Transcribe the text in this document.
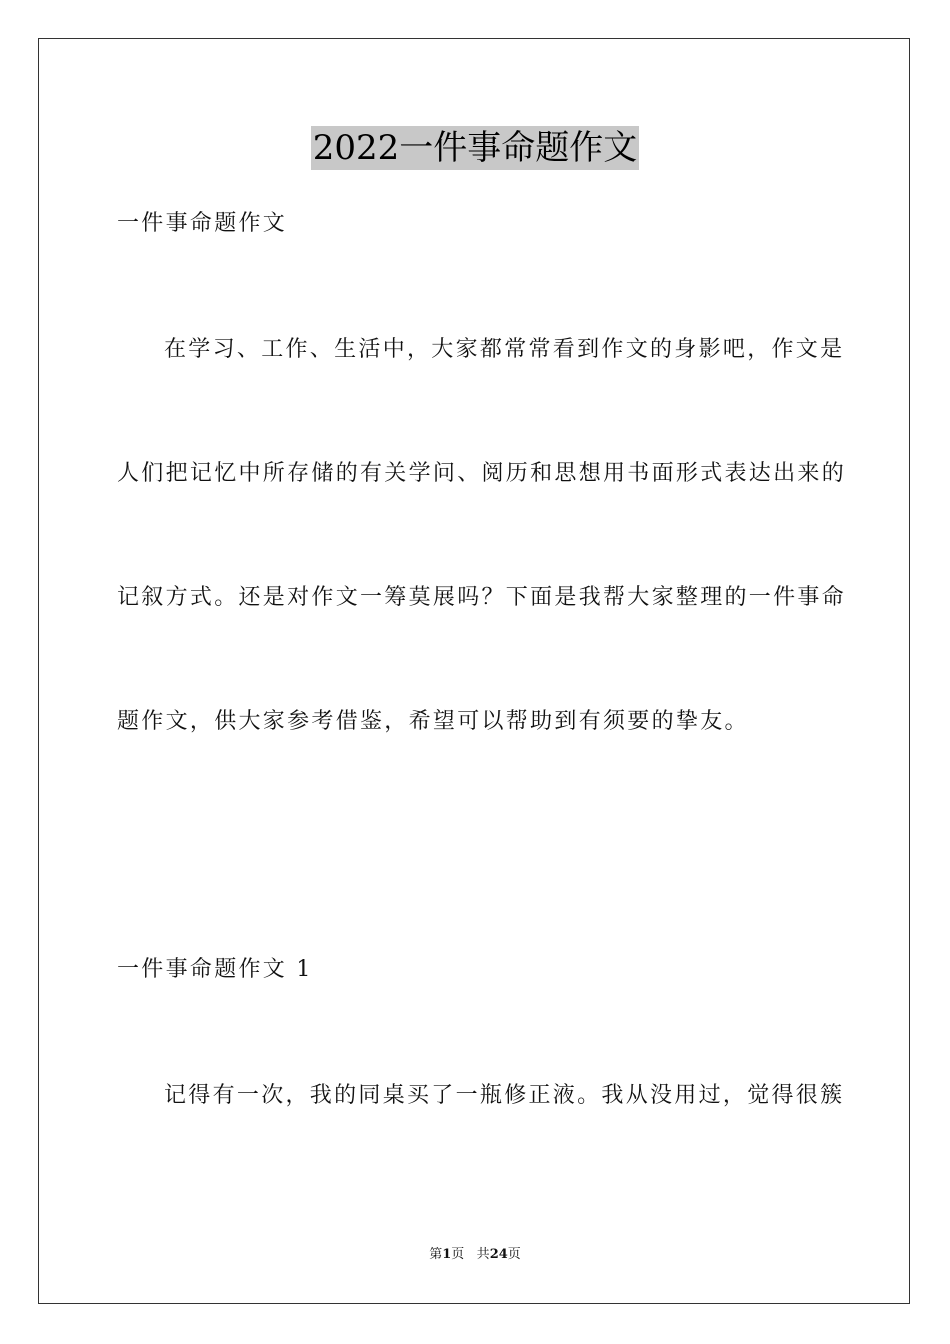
2022一件事命题作文
一件事命题作文
在学习、工作、生活中，大家都常常看到作文的身影吧，作文是
人们把记忆中所存储的有关学问、阅历和思想用书面形式表达出来的
记叙方式。还是对作文一筹莫展吗？下面是我帮大家整理的一件事命
题作文，供大家参考借鉴，希望可以帮助到有须要的挚友。
一件事命题作文 1
记得有一次，我的同桌买了一瓶修正液。我从没用过，觉得很簇
第1页 共24页
